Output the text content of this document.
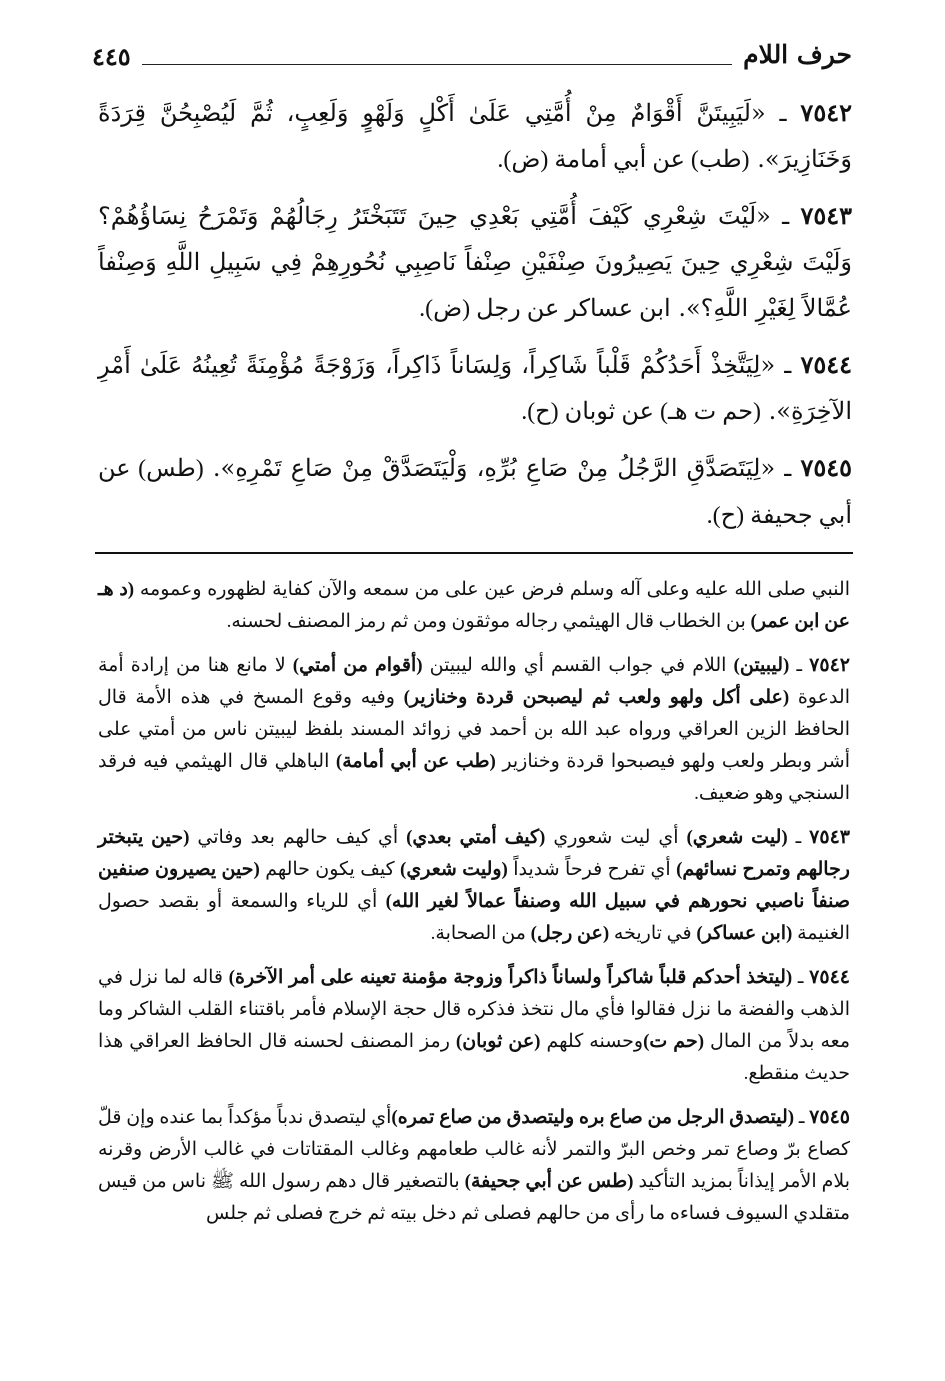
حرف اللام
٤٤٥

٧٥٤٢ ـ «لَيَبِيتَنَّ أَقْوَامٌ مِنْ أُمَّتِي عَلَىٰ أَكْلٍ وَلَهْوٍ وَلَعِبٍ، ثُمَّ لَيُصْبِحُنَّ قِرَدَةً وَخَنَازِيرَ». (طب) عن أبي أمامة (ض).

٧٥٤٣ ـ «لَيْتَ شِعْرِي كَيْفَ أُمَّتِي بَعْدِي حِينَ تَتَبَخْتَرُ رِجَالُهُمْ وَتَمْرَحُ نِسَاؤُهُمْ؟ وَلَيْتَ شِعْرِي حِينَ يَصِيرُونَ صِنْفَيْنِ صِنْفاً نَاصِبِي نُحُورِهِمْ فِي سَبِيلِ اللَّهِ وَصِنْفاً عُمَّالاً لِغَيْرِ اللَّهِ؟». ابن عساكر عن رجل (ض).

٧٥٤٤ ـ «لِيَتَّخِذْ أَحَدُكُمْ قَلْباً شَاكِراً، وَلِسَاناً ذَاكِراً، وَزَوْجَةً مُؤْمِنَةً تُعِينُهُ عَلَىٰ أَمْرِ الآخِرَةِ». (حم ت هـ) عن ثوبان (ح).

٧٥٤٥ ـ «لِيَتَصَدَّقِ الرَّجُلُ مِنْ صَاعِ بُرِّهِ، وَلْيَتَصَدَّقْ مِنْ صَاعِ تَمْرِهِ». (طس) عن أبي جحيفة (ح).

النبي صلى الله عليه وعلى آله وسلم فرض عين على من سمعه والآن كفاية لظهوره وعمومه (د هـ عن ابن عمر) بن الخطاب قال الهيثمي رجاله موثقون ومن ثم رمز المصنف لحسنه.

٧٥٤٢ ـ (ليبيتن) اللام في جواب القسم أي والله ليبيتن (أقوام من أمتي) لا مانع هنا من إرادة أمة الدعوة (على أكل ولهو ولعب ثم ليصبحن قردة وخنازير) وفيه وقوع المسخ في هذه الأمة قال الحافظ الزين العراقي ورواه عبد الله بن أحمد في زوائد المسند بلفظ ليبيتن ناس من أمتي على أشر وبطر ولعب ولهو فيصبحوا قردة وخنازير (طب عن أبي أمامة) الباهلي قال الهيثمي فيه فرقد السنجي وهو ضعيف.

٧٥٤٣ ـ (ليت شعري) أي ليت شعوري (كيف أمتي بعدي) أي كيف حالهم بعد وفاتي (حين يتبختر رجالهم وتمرح نسائهم) أي تفرح فرحاً شديداً (وليت شعري) كيف يكون حالهم (حين يصيرون صنفين صنفاً ناصبي نحورهم في سبيل الله وصنفاً عمالاً لغير الله) أي للرياء والسمعة أو بقصد حصول الغنيمة (ابن عساكر) في تاريخه (عن رجل) من الصحابة.

٧٥٤٤ ـ (ليتخذ أحدكم قلباً شاكراً ولساناً ذاكراً وزوجة مؤمنة تعينه على أمر الآخرة) قاله لما نزل في الذهب والفضة ما نزل فقالوا فأي مال نتخذ فذكره قال حجة الإسلام فأمر باقتناء القلب الشاكر وما معه بدلاً من المال (حم ت)وحسنه كلهم (عن ثوبان) رمز المصنف لحسنه قال الحافظ العراقي هذا حديث منقطع.

٧٥٤٥ ـ (ليتصدق الرجل من صاع بره وليتصدق من صاع تمره)أي ليتصدق ندباً مؤكداً بما عنده وإن قلّ كصاع برّ وصاع تمر وخص البرّ والتمر لأنه غالب طعامهم وغالب المقتاتات في غالب الأرض وقرنه بلام الأمر إيذاناً بمزيد التأكيد (طس عن أبي جحيفة) بالتصغير قال دهم رسول الله ﷺ ناس من قيس متقلدي السيوف فساءه ما رأى من حالهم فصلى ثم دخل بيته ثم خرج فصلى ثم جلس
